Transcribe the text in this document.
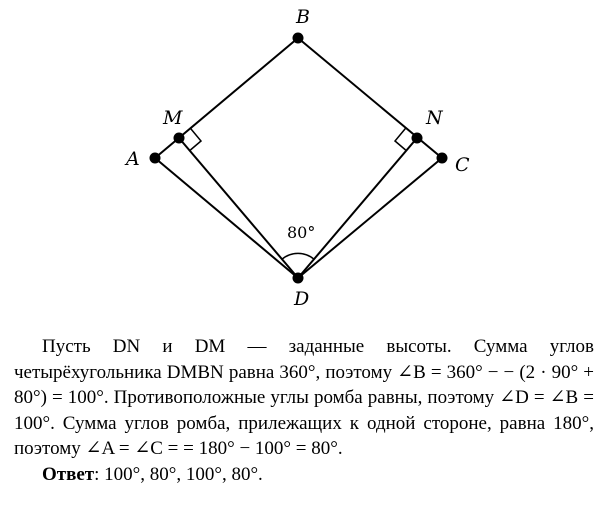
A
B
C
D
M	N
80°

Пусть DN и DM — заданные высоты. Сумма углов четырёхугольника DMBN равна 360°, поэтому ∠B = 360° − − (2 · 90° + 80°) = 100°. Противоположные углы ромба равны, поэтому ∠D = ∠B = 100°. Сумма углов ромба, прилежащих к одной стороне, равна 180°, поэтому ∠A = ∠C = = 180° − 100° = 80°.

Ответ: 100°, 80°, 100°, 80°.
